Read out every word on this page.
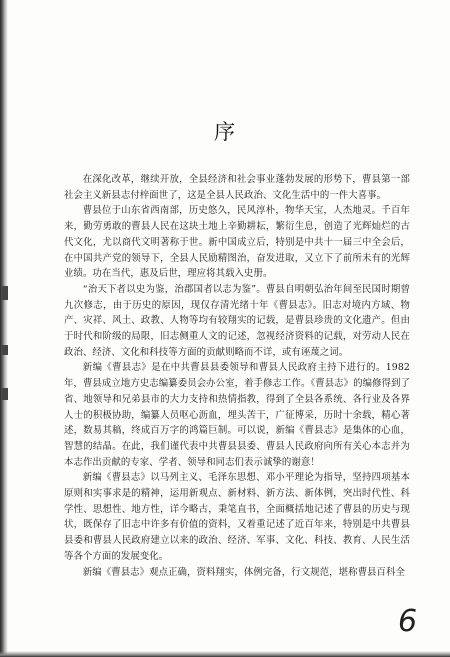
序

在深化改革，继续开放，全县经济和社会事业蓬勃发展的形势下，曹县第一部社会主义新县志付梓面世了，这是全县人民政治、文化生活中的一件大喜事。

曹县位于山东省西南部，历史悠久，民风淳朴，物华天宝，人杰地灵。千百年来，勤劳勇敢的曹县人民在这块土地上辛勤耕耘，繁衍生息，创造了光辉灿烂的古代文化，尤以商代文明著称于世。新中国成立后，特别是中共十一届三中全会后，在中国共产党的领导下，全县人民励精图治，奋发进取，又立下了前所未有的光辉业绩。功在当代，惠及后世，理应将其载入史册。

“治天下者以史为鉴，治郡国者以志为鉴”。曹县自明朝弘治年间至民国时期曾九次修志，由于历史的原因，现仅存清光绪十年《曹县志》。旧志对境内方域、物产、灾祥、风土、政教、人物等均有较翔实的记载，是曹县珍贵的文化遗产。但由于时代和阶级的局限，旧志侧重人文的记述，忽视经济资料的记载，对劳动人民在政治、经济、文化和科技等方面的贡献则略而不详，或有诬蔑之词。

新编《曹县志》是在中共曹县县委领导和曹县人民政府主持下进行的。1982年，曹县成立地方史志编纂委员会办公室，着手修志工作。《曹县志》的编修得到了省、地领导和兄弟县市的大力支持和热情指教，得到了全县各系统、各行业及各界人士的积极协助，编纂人员呕心沥血，埋头苦干，广征博采，历时十余载，精心著述，数易其稿，终成百万字的鸿篇巨制。可以说，新编《曹县志》是集体的心血，智慧的结晶。在此，我们谨代表中共曹县县委、曹县人民政府向所有关心本志并为本志作出贡献的专家、学者、领导和同志们表示诚挚的谢意！

新编《曹县志》以马列主义、毛泽东思想、邓小平理论为指导，坚持四项基本原则和实事求是的精神，运用新观点、新材料、新方法、新体例，突出时代性、科学性、思想性、地方性，详今略古，秉笔直书，全面概括地记述了曹县的历史与现状，既保存了旧志中许多有价值的资料，又着重记述了近百年来，特别是中共曹县县委和曹县人民政府建立以来的政治、经济、军事、文化、科技、教育、人民生活等各个方面的发展变化。

新编《曹县志》观点正确，资料翔实，体例完备，行文规范，堪称曹县百科全

6
